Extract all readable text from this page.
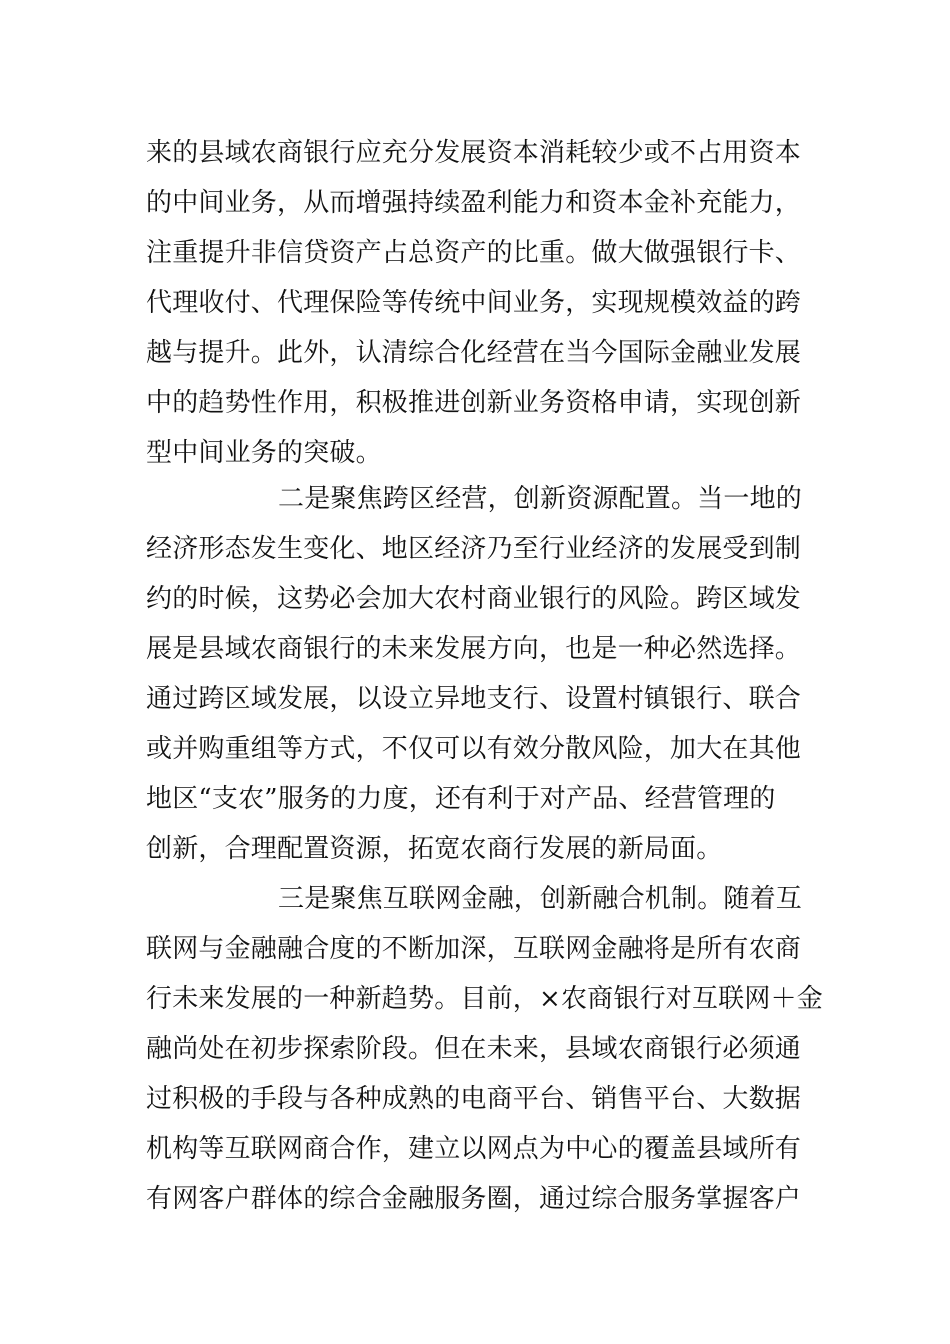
来的县域农商银行应充分发展资本消耗较少或不占用资本
的中间业务，从而增强持续盈利能力和资本金补充能力，
注重提升非信贷资产占总资产的比重。做大做强银行卡、
代理收付、代理保险等传统中间业务，实现规模效益的跨
越与提升。此外，认清综合化经营在当今国际金融业发展
中的趋势性作用，积极推进创新业务资格申请，实现创新
型中间业务的突破。
二是聚焦跨区经营，创新资源配置。当一地的
经济形态发生变化、地区经济乃至行业经济的发展受到制
约的时候，这势必会加大农村商业银行的风险。跨区域发
展是县域农商银行的未来发展方向，也是一种必然选择。
通过跨区域发展，以设立异地支行、设置村镇银行、联合
或并购重组等方式，不仅可以有效分散风险，加大在其他
地区“支农”服务的力度，还有利于对产品、经营管理的
创新，合理配置资源，拓宽农商行发展的新局面。
三是聚焦互联网金融，创新融合机制。随着互
联网与金融融合度的不断加深，互联网金融将是所有农商
行未来发展的一种新趋势。目前，×农商银行对互联网＋金
融尚处在初步探索阶段。但在未来，县域农商银行必须通
过积极的手段与各种成熟的电商平台、销售平台、大数据
机构等互联网商合作，建立以网点为中心的覆盖县域所有
有网客户群体的综合金融服务圈，通过综合服务掌握客户
